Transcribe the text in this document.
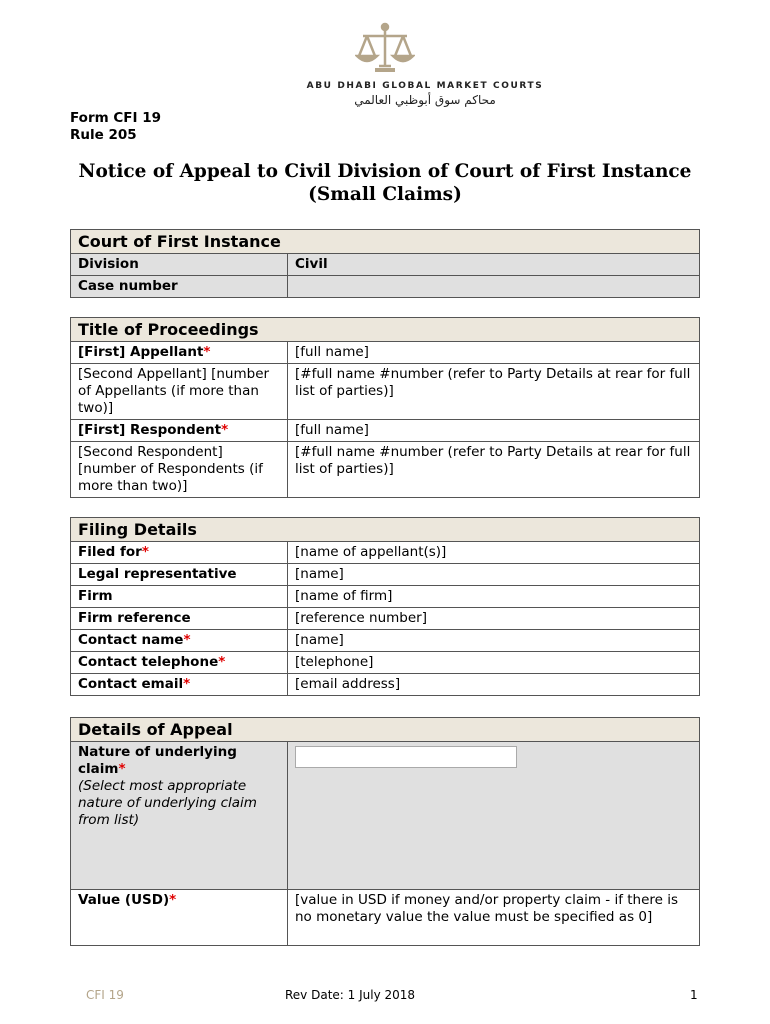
ABU DHABI GLOBAL MARKET COURTS
محاكم سوق أبوظبي العالمي
Form CFI 19
Rule 205
Notice of Appeal to Civil Division of Court of First Instance (Small Claims)
Court of First Instance	
Division	Civil
Case number	
Title of Proceedings	
[First] Appellant*	[full name]
[Second Appellant] [number of Appellants (if more than two)]	[#full name #number (refer to Party Details at rear for full list of parties)]
[First] Respondent*	[full name]
[Second Respondent] [number of Respondents (if more than two)]	[#full name #number (refer to Party Details at rear for full list of parties)]
Filing Details	
Filed for*	[name of appellant(s)]
Legal representative	[name]
Firm	[name of firm]
Firm reference	[reference number]
Contact name*	[name]
Contact telephone*	[telephone]
Contact email*	[email address]
Details of Appeal	
Nature of underlying claim*
(Select most appropriate nature of underlying claim from list)	

Value (USD)*	[value in USD if money and/or property claim - if there is no monetary value the value must be specified as 0]
CFI 19	Rev Date: 1 July 2018	1
